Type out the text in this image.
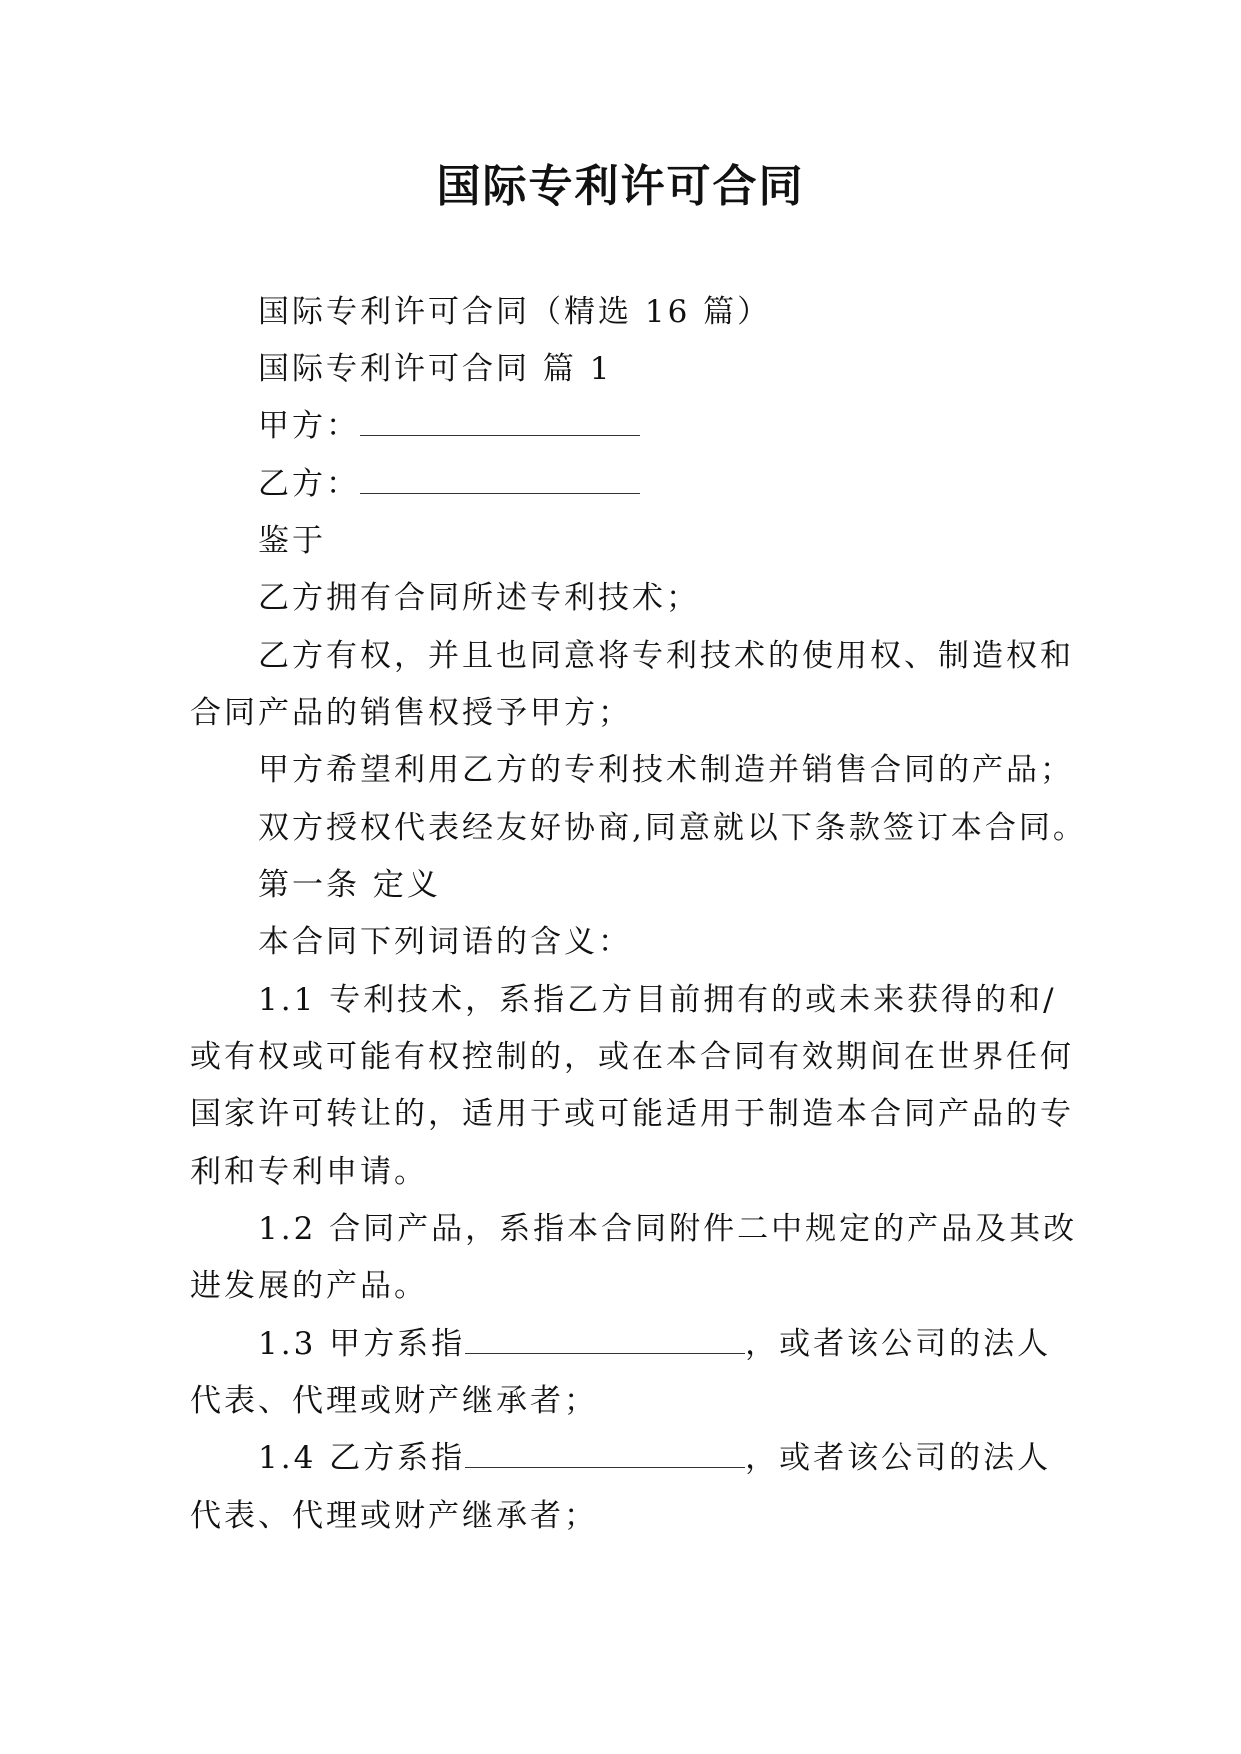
国际专利许可合同
国际专利许可合同（精选 16 篇）
国际专利许可合同 篇 1
甲方：
乙方：
鉴于
乙方拥有合同所述专利技术；
乙方有权，并且也同意将专利技术的使用权、制造权和
合同产品的销售权授予甲方；
甲方希望利用乙方的专利技术制造并销售合同的产品；
双方授权代表经友好协商,同意就以下条款签订本合同。
第一条 定义
本合同下列词语的含义：
1.1 专利技术，系指乙方目前拥有的或未来获得的和/
或有权或可能有权控制的，或在本合同有效期间在世界任何
国家许可转让的，适用于或可能适用于制造本合同产品的专
利和专利申请。
1.2 合同产品，系指本合同附件二中规定的产品及其改
进发展的产品。
1.3 甲方系指	，或者该公司的法人
代表、代理或财产继承者；
1.4 乙方系指	，或者该公司的法人
代表、代理或财产继承者；
